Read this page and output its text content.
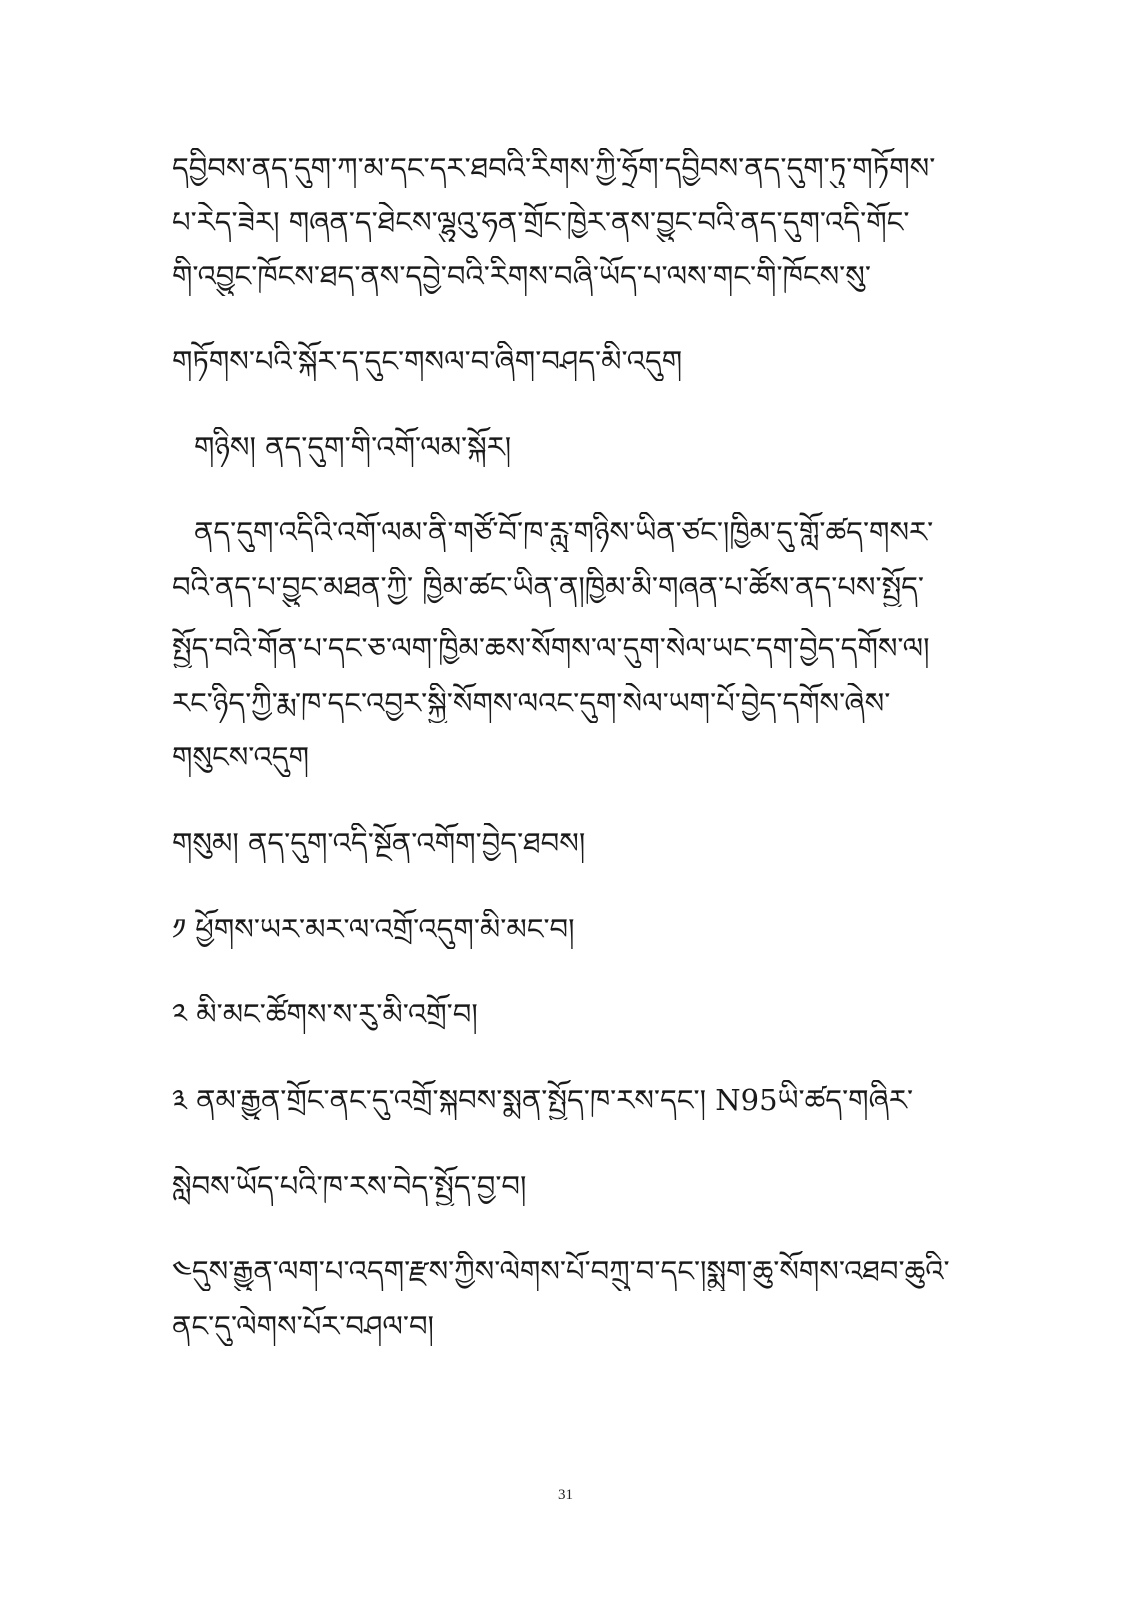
དབྱིབས་ནད་དུག་ཀ་མ་དང་དར་ཐབའི་རིགས་ཀྱི་ཧྲོག་དབྱིབས་ནད་དུག་ཏུ་གཏོགས་
པ་རེད་ཟེར། གཞན་ད་ཐེངས་ལྷུའུ་ཧན་གྲོང་ཁྱེར་ནས་བྱུང་བའི་ནད་དུག་འདི་གོང་
གི་འབྱུང་ཁོངས་ཐད་ནས་དབྱེ་བའི་རིགས་བཞི་ཡོད་པ་ལས་གང་གི་ཁོངས་སུ་
གཏོགས་པའི་སྐོར་ད་དུང་གསལ་བ་ཞིག་བཤད་མི་འདུག
གཉིས། ནད་དུག་གི་འགོ་ལམ་སྐོར།
ནད་དུག་འདིའི་འགོ་ལམ་ནི་གཙོ་བོ་ཁ་རླུ་གཉིས་ཡིན་ཙང་།ཁྱིམ་དུ་གློ་ཚད་གསར་
བའི་ནད་པ་བྱུང་མཐན་ཀྱི་ ཁྱིམ་ཚང་ཡིན་ན།ཁྱིམ་མི་གཞན་པ་ཚོས་ནད་པས་སྤྱོད་
སྤྱོད་བའི་གོན་པ་དང་ཅ་ལག་ཁྱིམ་ཆས་སོགས་ལ་དུག་སེལ་ཡང་དག་བྱེད་དགོས་ལ།
རང་ཉིད་ཀྱི་རྨ་ཁ་དང་འབྱར་སྐྱི་སོགས་ལའང་དུག་སེལ་ཡག་པོ་བྱེད་དགོས་ཞེས་
གསུངས་འདུག
གསུམ། ནད་དུག་འདི་སྔོན་འགོག་བྱེད་ཐབས།
༡ ཕྱོགས་ཡར་མར་ལ་འགྲོ་འདུག་མི་མང་བ།
༢ མི་མང་ཚོགས་ས་རུ་མི་འགྲོ་བ།
༣ ནམ་རྒྱུན་གྲོང་ནང་དུ་འགྲོ་སྐབས་སྨན་སྤྱོད་ཁ་རས་དང་། N95ཡི་ཚད་གཞིར་
སླེབས་ཡོད་པའི་ཁ་རས་བེད་སྤྱོད་བྱ་བ།
༤དུས་རྒྱུན་ལག་པ་འདག་རྫས་ཀྱིས་ལེགས་པོ་བཀྲུ་བ་དང་།སྨུག་ཆུ་སོགས་འཐབ་ཆུའི་
ནང་དུ་ལེགས་པོར་བཤལ་བ།
31
